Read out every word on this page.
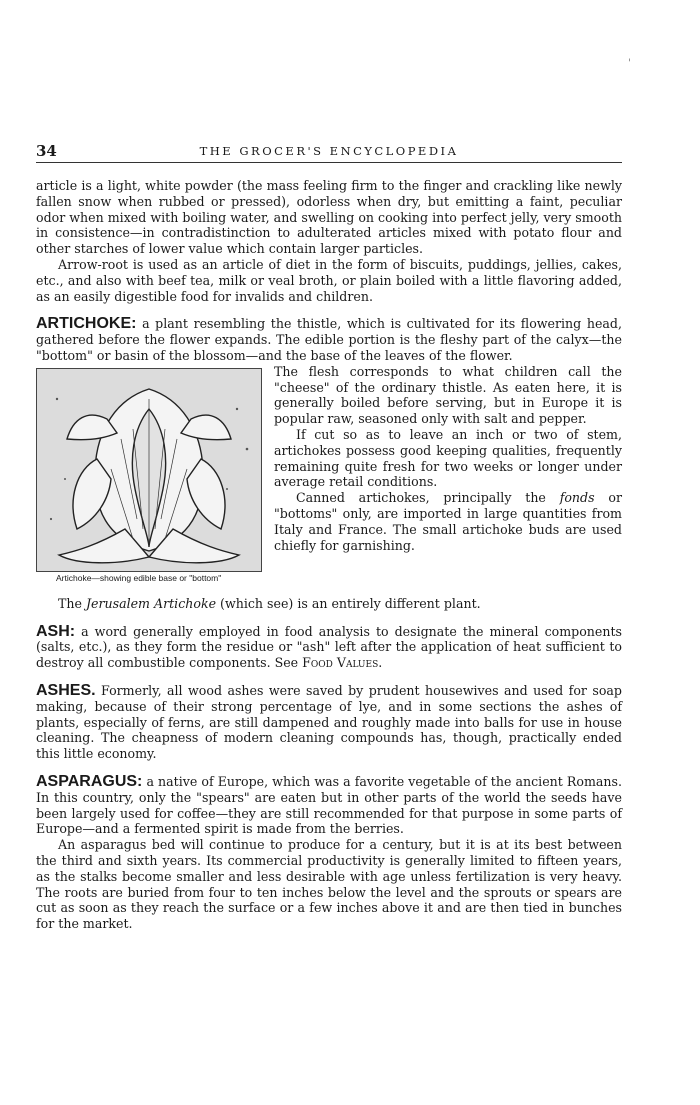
'
34	THE GROCER'S ENCYCLOPEDIA

article is a light, white powder (the mass feeling firm to the finger and crackling like newly fallen snow when rubbed or pressed), odorless when dry, but emitting a faint, peculiar odor when mixed with boiling water, and swelling on cooking into perfect jelly, very smooth in consistence—in contradistinction to adulterated articles mixed with potato flour and other starches of lower value which contain larger particles.

Arrow-root is used as an article of diet in the form of biscuits, puddings, jellies, cakes, etc., and also with beef tea, milk or veal broth, or plain boiled with a little flavoring added, as an easily digestible food for invalids and children.

ARTICHOKE: a plant resembling the thistle, which is cultivated for its flowering head, gathered before the flower expands. The edible portion is the fleshy part of the calyx—the "bottom" or basin of the blossom—and the base of the leaves of the flower.

Artichoke—showing edible base or "bottom"

The flesh corresponds to what children call the "cheese" of the ordinary thistle. As eaten here, it is generally boiled before serving, but in Europe it is popular raw, seasoned only with salt and pepper.

If cut so as to leave an inch or two of stem, artichokes possess good keeping qualities, frequently remaining quite fresh for two weeks or longer under average retail conditions.

Canned artichokes, principally the fonds or "bottoms" only, are imported in large quantities from Italy and France. The small artichoke buds are used chiefly for garnishing.

The Jerusalem Artichoke (which see) is an entirely different plant.

ASH: a word generally employed in food analysis to designate the mineral components (salts, etc.), as they form the residue or "ash" left after the application of heat sufficient to destroy all combustible components. See Food Values.

ASHES. Formerly, all wood ashes were saved by prudent housewives and used for soap making, because of their strong percentage of lye, and in some sections the ashes of plants, especially of ferns, are still dampened and roughly made into balls for use in house cleaning. The cheapness of modern cleaning compounds has, though, practically ended this little economy.

ASPARAGUS: a native of Europe, which was a favorite vegetable of the ancient Romans. In this country, only the "spears" are eaten but in other parts of the world the seeds have been largely used for coffee—they are still recommended for that purpose in some parts of Europe—and a fermented spirit is made from the berries.

An asparagus bed will continue to produce for a century, but it is at its best between the third and sixth years. Its commercial productivity is generally limited to fifteen years, as the stalks become smaller and less desirable with age unless fertilization is very heavy. The roots are buried from four to ten inches below the level and the sprouts or spears are cut as soon as they reach the surface or a few inches above it and are then tied in bunches for the market.
